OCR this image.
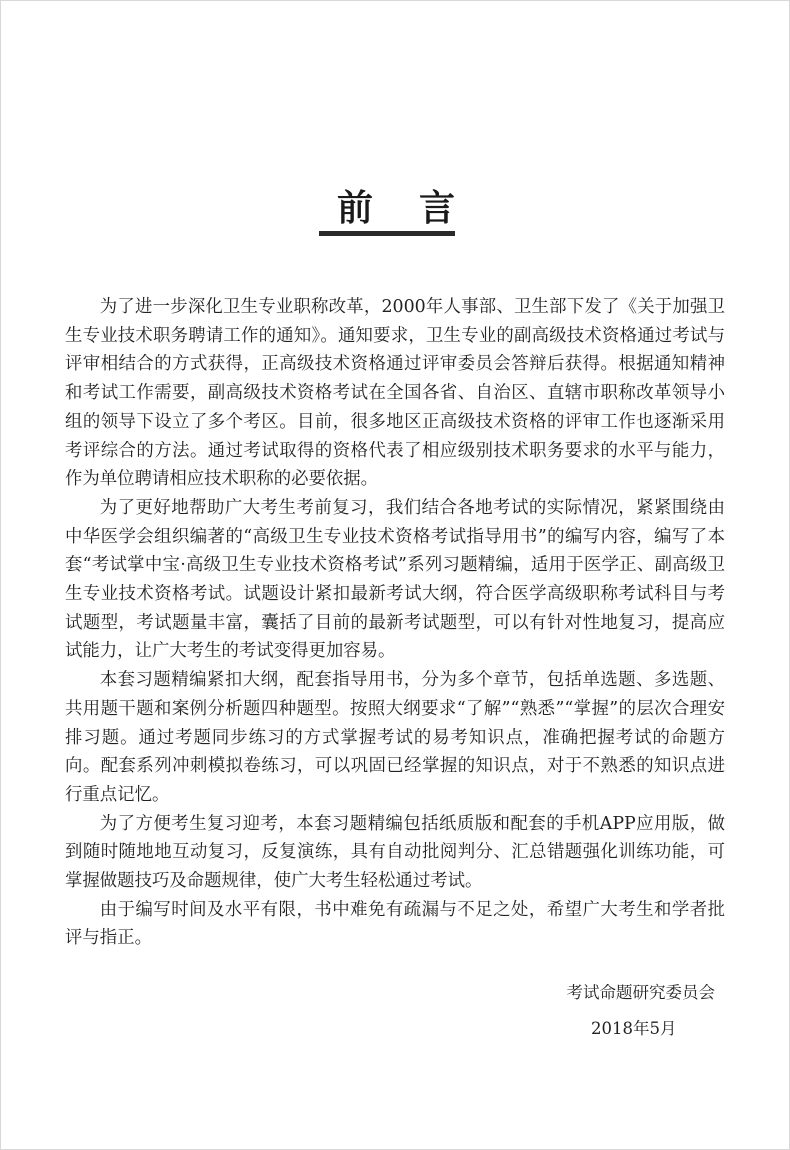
前言

为了进一步深化卫生专业职称改革，2000年人事部、卫生部下发了《关于加强卫生专业技术职务聘请工作的通知》。通知要求，卫生专业的副高级技术资格通过考试与评审相结合的方式获得，正高级技术资格通过评审委员会答辩后获得。根据通知精神和考试工作需要，副高级技术资格考试在全国各省、自治区、直辖市职称改革领导小组的领导下设立了多个考区。目前，很多地区正高级技术资格的评审工作也逐渐采用考评综合的方法。通过考试取得的资格代表了相应级别技术职务要求的水平与能力，作为单位聘请相应技术职称的必要依据。

为了更好地帮助广大考生考前复习，我们结合各地考试的实际情况，紧紧围绕由中华医学会组织编著的“高级卫生专业技术资格考试指导用书”的编写内容，编写了本套“考试掌中宝·高级卫生专业技术资格考试”系列习题精编，适用于医学正、副高级卫生专业技术资格考试。试题设计紧扣最新考试大纲，符合医学高级职称考试科目与考试题型，考试题量丰富，囊括了目前的最新考试题型，可以有针对性地复习，提高应试能力，让广大考生的考试变得更加容易。

本套习题精编紧扣大纲，配套指导用书，分为多个章节，包括单选题、多选题、共用题干题和案例分析题四种题型。按照大纲要求“了解”“熟悉”“掌握”的层次合理安排习题。通过考题同步练习的方式掌握考试的易考知识点，准确把握考试的命题方向。配套系列冲刺模拟卷练习，可以巩固已经掌握的知识点，对于不熟悉的知识点进行重点记忆。

为了方便考生复习迎考，本套习题精编包括纸质版和配套的手机APP应用版，做到随时随地地互动复习，反复演练，具有自动批阅判分、汇总错题强化训练功能，可掌握做题技巧及命题规律，使广大考生轻松通过考试。

由于编写时间及水平有限，书中难免有疏漏与不足之处，希望广大考生和学者批评与指正。

考试命题研究委员会
2018年5月
